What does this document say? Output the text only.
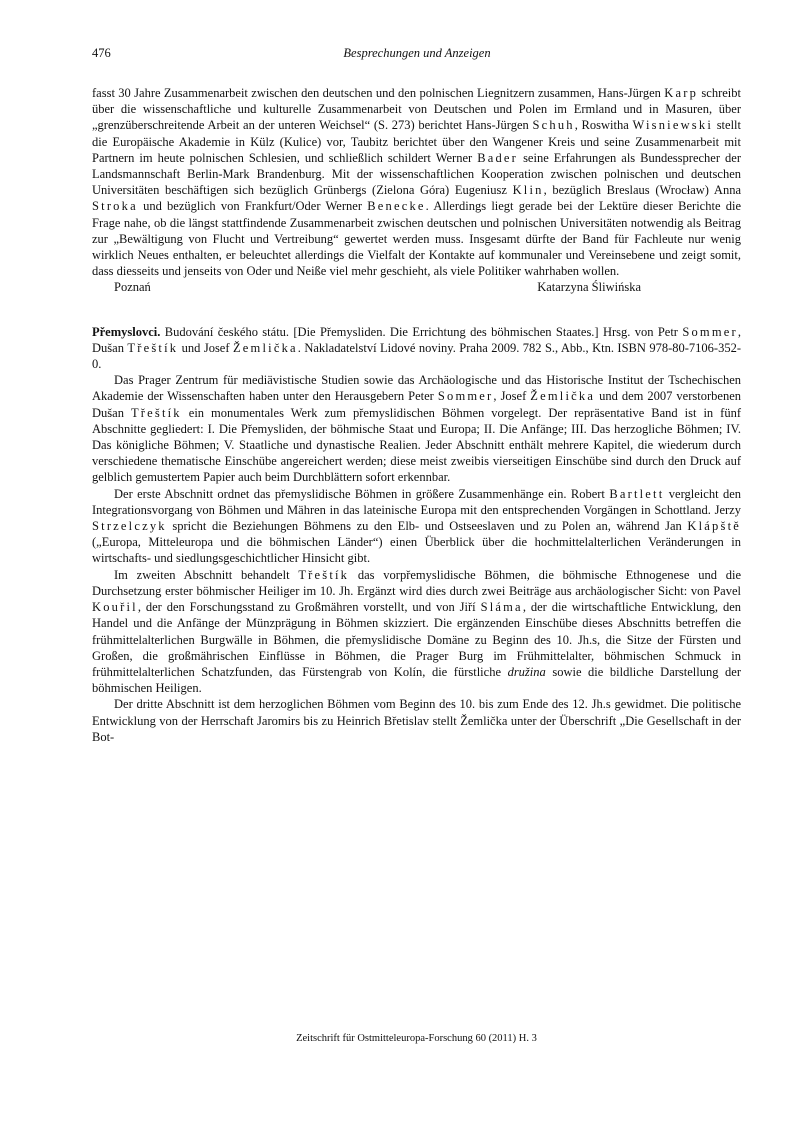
476	Besprechungen und Anzeigen

fasst 30 Jahre Zusammenarbeit zwischen den deutschen und den polnischen Liegnitzern zusammen, Hans-Jürgen Karp schreibt über die wissenschaftliche und kulturelle Zusammenarbeit von Deutschen und Polen im Ermland und in Masuren, über „grenzüberschreitende Arbeit an der unteren Weichsel“ (S. 273) berichtet Hans-Jürgen Schuh, Roswitha Wisniewski stellt die Europäische Akademie in Külz (Kulice) vor, Taubitz berichtet über den Wangener Kreis und seine Zusammenarbeit mit Partnern im heute polnischen Schlesien, und schließlich schildert Werner Bader seine Erfahrungen als Bundessprecher der Landsmannschaft Berlin-Mark Brandenburg. Mit der wissenschaftlichen Kooperation zwischen polnischen und deutschen Universitäten beschäftigen sich bezüglich Grünbergs (Zielona Góra) Eugeniusz Klin, bezüglich Breslaus (Wrocław) Anna Stroka und bezüglich von Frankfurt/Oder Werner Benecke. Allerdings liegt gerade bei der Lektüre dieser Berichte die Frage nahe, ob die längst stattfindende Zusammenarbeit zwischen deutschen und polnischen Universitäten notwendig als Beitrag zur „Bewältigung von Flucht und Vertreibung“ gewertet werden muss. Insgesamt dürfte der Band für Fachleute nur wenig wirklich Neues enthalten, er beleuchtet allerdings die Vielfalt der Kontakte auf kommunaler und Vereinsebene und zeigt somit, dass diesseits und jenseits von Oder und Neiße viel mehr geschieht, als viele Politiker wahrhaben wollen.

Poznań	Katarzyna Śliwińska

Přemyslovci. Budování českého státu. [Die Přemysliden. Die Errichtung des böhmischen Staates.] Hrsg. von Petr Sommer, Dušan Třeštík und Josef Žemlička. Nakladatelství Lidové noviny. Praha 2009. 782 S., Abb., Ktn. ISBN 978-80-7106-352-0.

Das Prager Zentrum für mediävistische Studien sowie das Archäologische und das Historische Institut der Tschechischen Akademie der Wissenschaften haben unter den Herausgebern Peter Sommer, Josef Žemlička und dem 2007 verstorbenen Dušan Třeštík ein monumentales Werk zum přemyslidischen Böhmen vorgelegt. Der repräsentative Band ist in fünf Abschnitte gegliedert: I. Die Přemysliden, der böhmische Staat und Europa; II. Die Anfänge; III. Das herzogliche Böhmen; IV. Das königliche Böhmen; V. Staatliche und dynastische Realien. Jeder Abschnitt enthält mehrere Kapitel, die wiederum durch verschiedene thematische Einschübe angereichert werden; diese meist zweibis vierseitigen Einschübe sind durch den Druck auf gelblich gemustertem Papier auch beim Durchblättern sofort erkennbar.

Der erste Abschnitt ordnet das přemyslidische Böhmen in größere Zusammenhänge ein. Robert Bartlett vergleicht den Integrationsvorgang von Böhmen und Mähren in das lateinische Europa mit den entsprechenden Vorgängen in Schottland. Jerzy Strzelczyk spricht die Beziehungen Böhmens zu den Elb- und Ostseeslaven und zu Polen an, während Jan Klápště („Europa, Mitteleuropa und die böhmischen Länder“) einen Überblick über die hochmittelalterlichen Veränderungen in wirtschafts- und siedlungsgeschichtlicher Hinsicht gibt.

Im zweiten Abschnitt behandelt Třeštík das vorpřemyslidische Böhmen, die böhmische Ethnogenese und die Durchsetzung erster böhmischer Heiliger im 10. Jh. Ergänzt wird dies durch zwei Beiträge aus archäologischer Sicht: von Pavel Kouřil, der den Forschungsstand zu Großmähren vorstellt, und von Jiří Sláma, der die wirtschaftliche Entwicklung, den Handel und die Anfänge der Münzprägung in Böhmen skizziert. Die ergänzenden Einschübe dieses Abschnitts betreffen die frühmittelalterlichen Burgwälle in Böhmen, die přemyslidische Domäne zu Beginn des 10. Jh.s, die Sitze der Fürsten und Großen, die großmährischen Einflüsse in Böhmen, die Prager Burg im Frühmittelalter, böhmischen Schmuck in frühmittelalterlichen Schatzfunden, das Fürstengrab von Kolín, die fürstliche družina sowie die bildliche Darstellung der böhmischen Heiligen.

Der dritte Abschnitt ist dem herzoglichen Böhmen vom Beginn des 10. bis zum Ende des 12. Jh.s gewidmet. Die politische Entwicklung von der Herrschaft Jaromirs bis zu Heinrich Břetislav stellt Žemlička unter der Überschrift „Die Gesellschaft in der Bot-

Zeitschrift für Ostmitteleuropa-Forschung 60 (2011) H. 3
